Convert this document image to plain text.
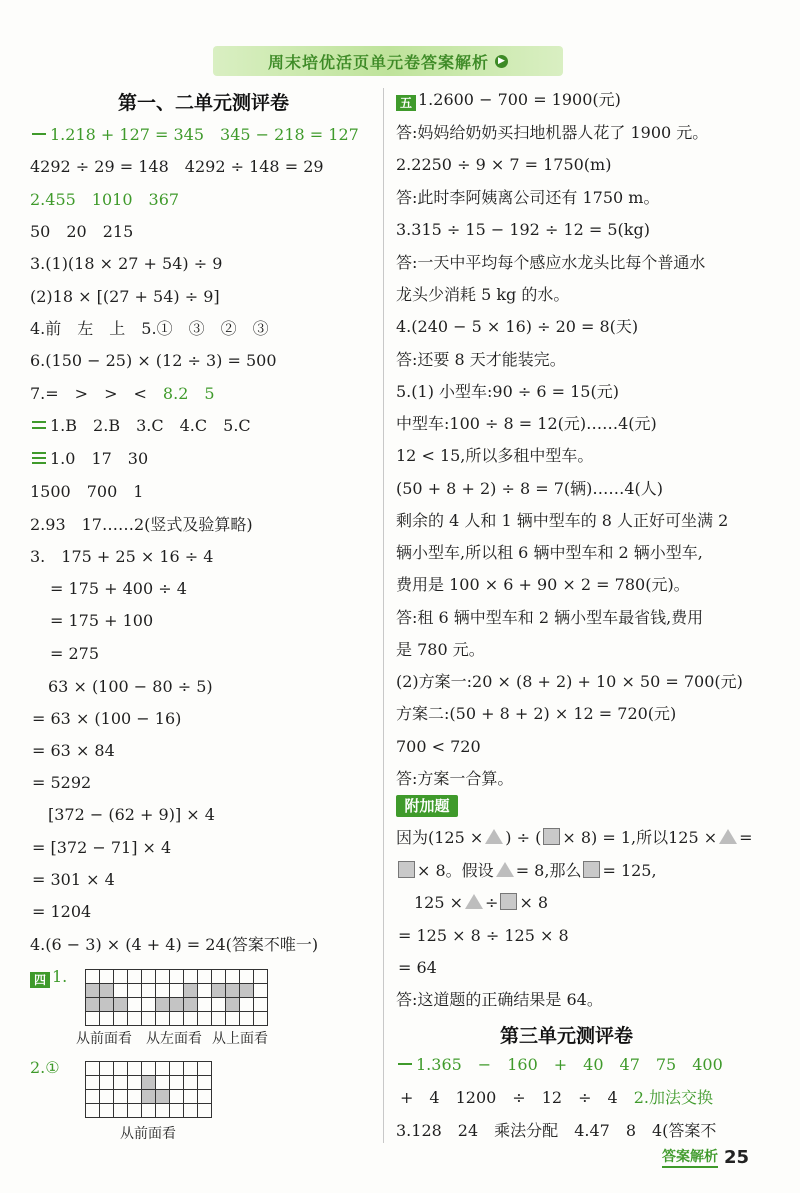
周末培优活页单元卷答案解析	▶
第一、二单元测评卷
1.218 + 127 = 345　345 − 218 = 127
4292 ÷ 29 = 148　4292 ÷ 148 = 29
2.455　1010　367
50　20　215
3.(1)(18 × 27 + 54) ÷ 9
(2)18 × [(27 + 54) ÷ 9]
4.前　左　上　 5.①　③　②　③
6.(150 − 25) × (12 ÷ 3) = 500
7.=　>　>　<　 8.2　5
1.B　 2.B　 3.C　 4.C　 5.C
1.0　17　30
1500　700　1
2.93　17……2(竖式及验算略)
3.　175 + 25 × 16 ÷ 4
= 175 + 400 ÷ 4
= 175 + 100
= 275
63 × (100 − 80 ÷ 5)
= 63 × (100 − 16)
= 63 × 84
= 5292
[372 − (62 + 9)] × 4
= [372 − 71] × 4
= 301 × 4
= 1204
4.(6 − 3) × (4 + 4) = 24(答案不唯一)
四 1.
2.①
从前面看 从左面看 从上面看
从前面看
五 1.2600 − 700 = 1900(元)
答:妈妈给奶奶买扫地机器人花了 1900 元。
2.2250 ÷ 9 × 7 = 1750(m)
答:此时李阿姨离公司还有 1750 m。
3.315 ÷ 15 − 192 ÷ 12 = 5(kg)
答:一天中平均每个感应水龙头比每个普通水
龙头少消耗 5 kg 的水。
4.(240 − 5 × 16) ÷ 20 = 8(天)
答:还要 8 天才能装完。
5.(1) 小型车:90 ÷ 6 = 15(元)
中型车:100 ÷ 8 = 12(元)……4(元)
12 < 15,所以多租中型车。
(50 + 8 + 2) ÷ 8 = 7(辆)……4(人)
剩余的 4 人和 1 辆中型车的 8 人正好可坐满 2
辆小型车,所以租 6 辆中型车和 2 辆小型车,
费用是 100 × 6 + 90 × 2 = 780(元)。
答:租 6 辆中型车和 2 辆小型车最省钱,费用
是 780 元。
(2)方案一:20 × (8 + 2) + 10 × 50 = 700(元)
方案二:(50 + 8 + 2) × 12 = 720(元)
700 < 720
答:方案一合算。
附加题
因为(125 × ) ÷ ( × 8) = 1,所以125 × =
× 8。假设 = 8,那么 = 125,
125 × ÷ × 8
= 125 × 8 ÷ 125 × 8
= 64
答:这道题的正确结果是 64。
第三单元测评卷
1.365　−　160　+　40　47　75　400
+　4　1200　÷　12　÷　4　 2.加法交换
3.128　24　乘法分配　 4.47　8　4(答案不
答案解析 25
